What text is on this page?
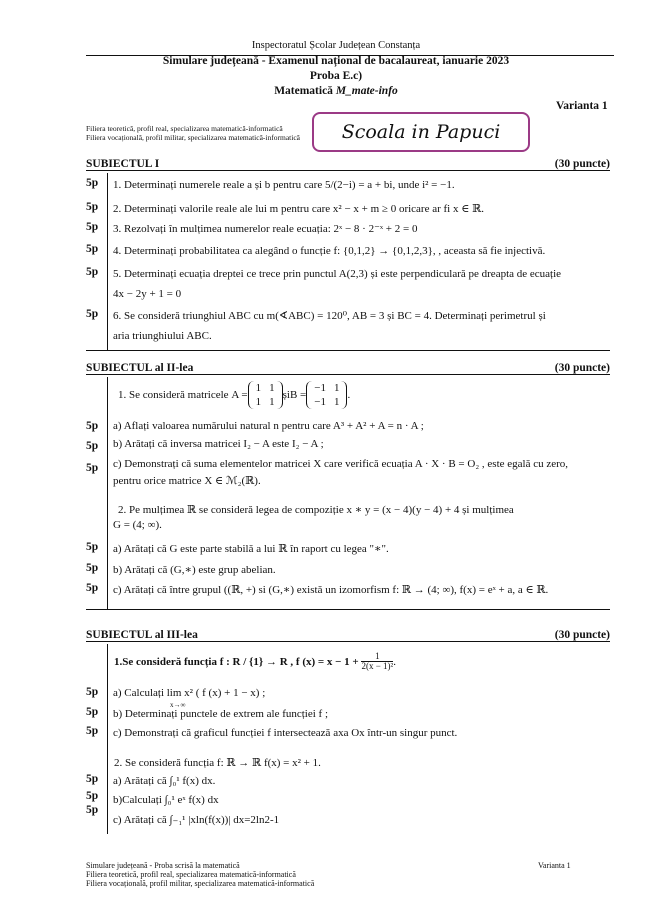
Inspectoratul Școlar Județean Constanța
Simulare județeană - Examenul național de bacalaureat, ianuarie 2023
Proba E.c)
Matematică M_mate-info
Varianta 1
Filiera teoretică, profil real, specializarea matematică-informatică
Filiera vocațională, profil militar, specializarea matematică-informatică	Scoala in Papuci
SUBIECTUL I	(30 puncte)
5p 1. Determinați numerele reale a și b pentru care 5/(2−i) = a + bi, unde i² = −1.
5p 2. Determinați valorile reale ale lui m pentru care x² − x + m ≥ 0 oricare ar fi x ∈ ℝ.
5p 3. Rezolvați în mulțimea numerelor reale ecuația: 2ˣ − 8 · 2⁻ˣ + 2 = 0
5p 4. Determinați probabilitatea ca alegând o funcție f: {0,1,2} → {0,1,2,3}, , aceasta să fie injectivă.
5p 5. Determinați ecuația dreptei ce trece prin punctul A(2,3) și este perpendiculară pe dreapta de ecuație
4x − 2y + 1 = 0
5p 6. Se consideră triunghiul ABC cu m(∢ABC) = 120⁰, AB = 3 și BC = 4. Determinați perimetrul și
aria triunghiului ABC.
SUBIECTUL al II-lea	(30 puncte)
1. Se consideră matricele
A =
1	1
1	1
și B =
−1	1
−1	1
.
5p a) Aflați valoarea numărului natural n pentru care A³ + A² + A = n · A ;
5p b) Arătați că inversa matricei I₂ − A este I₂ − A ;
5p c) Demonstrați că suma elementelor matricei X care verifică ecuația A · X · B = O₂ , este egală cu zero,
pentru orice matrice X ∈ ℳ₂(ℝ).
2. Pe mulțimea ℝ se consideră legea de compoziție x ∗ y = (x − 4)(y − 4) + 4 și mulțimea
G = (4; ∞).
5p a) Arătați că G este parte stabilă a lui ℝ în raport cu legea "∗".
5p b) Arătați că (G,∗) este grup abelian.
5p c) Arătați că între grupul ((ℝ, +) si (G,∗) există un izomorfism f: ℝ → (4; ∞), f(x) = eˣ + a, a ∈ ℝ.
SUBIECTUL al III-lea	(30 puncte)
1.Se consideră funcția f : R / {1} → R , f (x) = x − 1 +
$\frac{1}{\text{2(x − 1)²}}$ .
5p a) Calculați lim x² ( f (x) + 1 − x) ;
x→∞
5p b) Determinați punctele de extrem ale funcției f ;
5p c) Demonstrați că graficul funcției f intersectează axa Ox într-un singur punct.
2. Se consideră funcția f: ℝ → ℝ f(x) = x² + 1.
5p a) Arătați că ∫₀¹ f(x) dx.
5p b)Calculați ∫₀¹ eˣ f(x) dx
5p
c) Arătați că ∫₋₁¹ |xln(f(x))| dx=2ln2-1
Simulare județeană - Proba scrisă la matematică
Filiera teoretică, profil real, specializarea matematică-informatică
Filiera vocațională, profil militar, specializarea matematică-informatică
Varianta 1
